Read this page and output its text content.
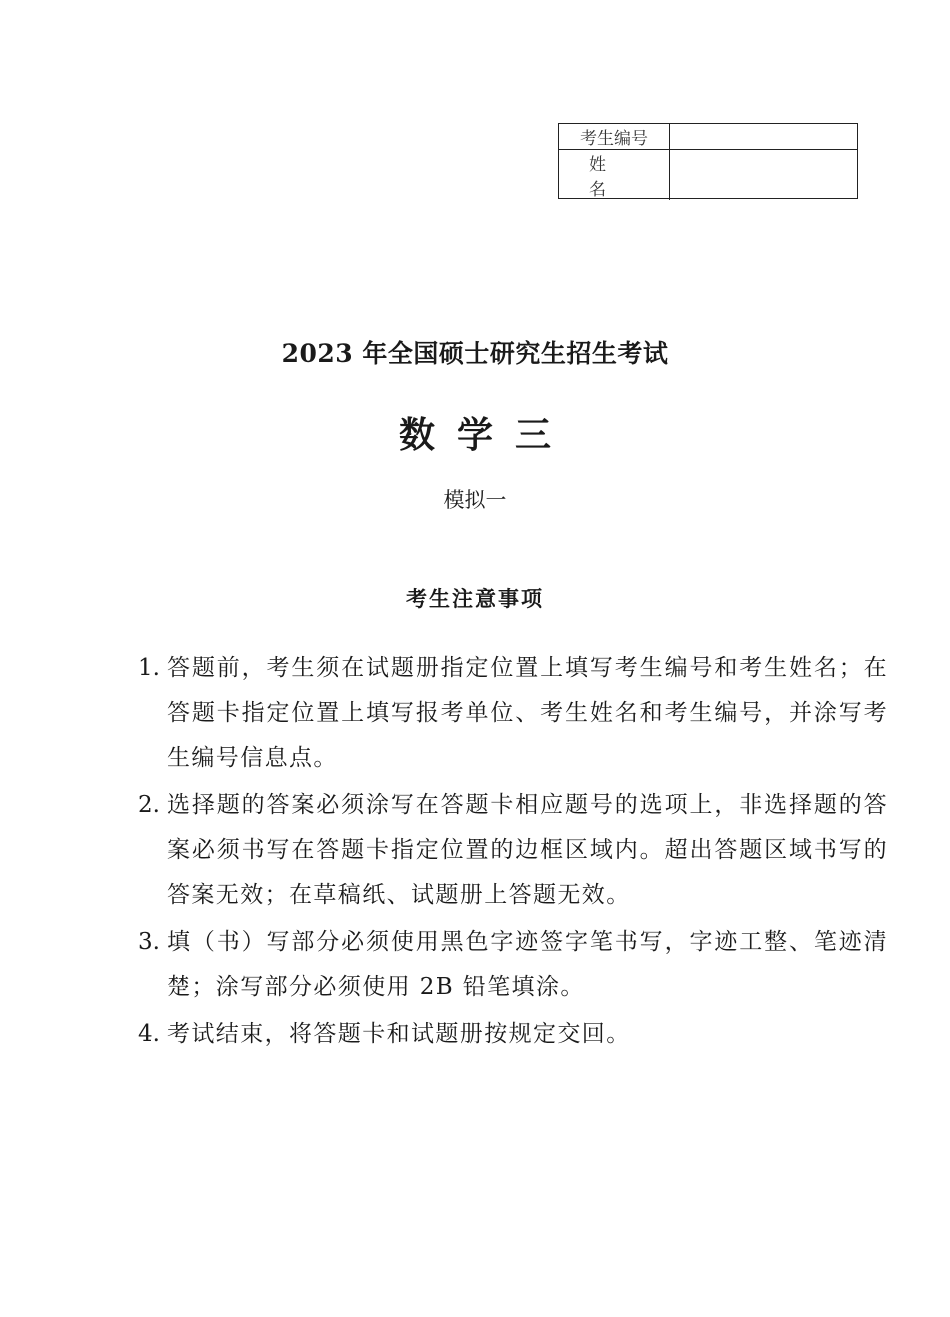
考生编号
姓名
2023 年全国硕士研究生招生考试
数学三
模拟一
考生注意事项
1. 答题前，考生须在试题册指定位置上填写考生编号和考生姓名；在答题卡指定位置上填写报考单位、考生姓名和考生编号，并涂写考生编号信息点。
2. 选择题的答案必须涂写在答题卡相应题号的选项上，非选择题的答案必须书写在答题卡指定位置的边框区域内。超出答题区域书写的答案无效；在草稿纸、试题册上答题无效。
3. 填（书）写部分必须使用黑色字迹签字笔书写，字迹工整、笔迹清楚；涂写部分必须使用 2B 铅笔填涂。
4. 考试结束，将答题卡和试题册按规定交回。
